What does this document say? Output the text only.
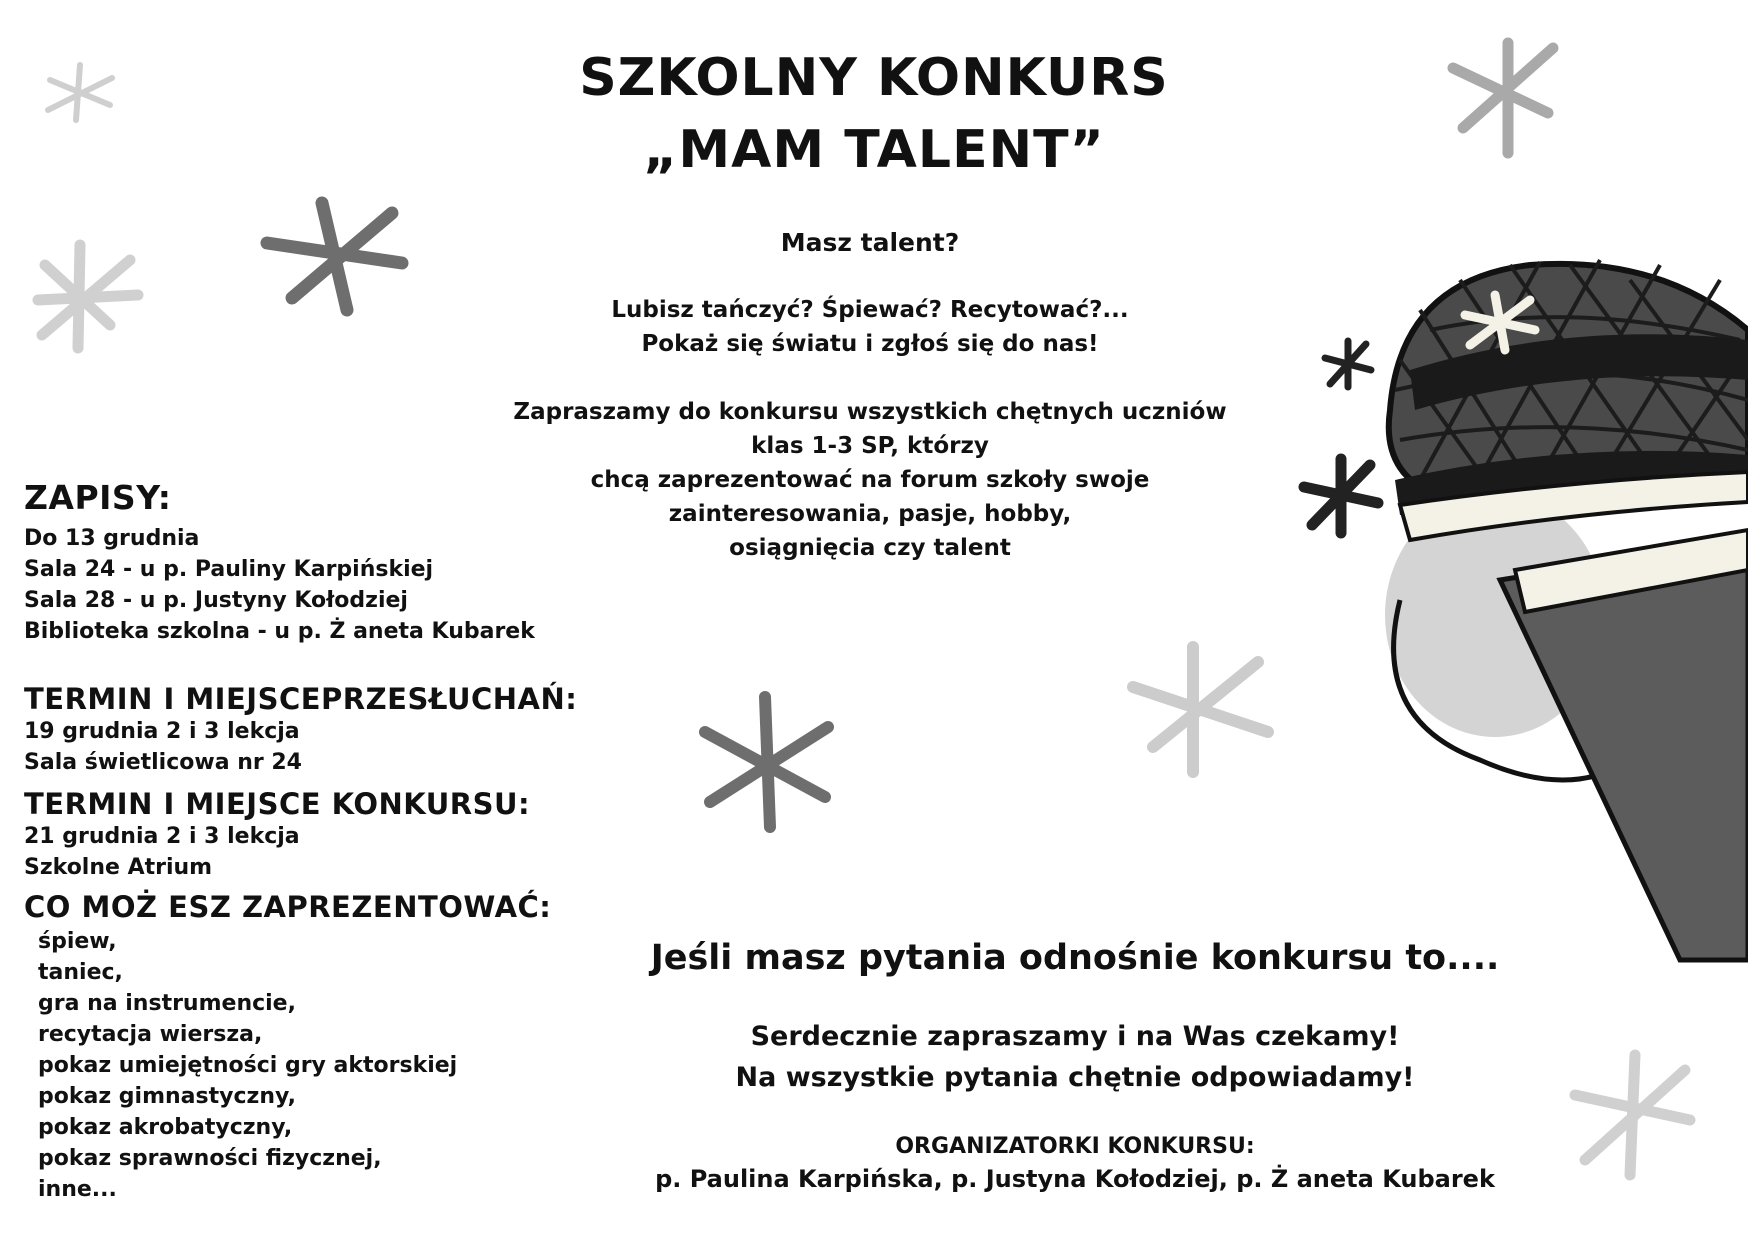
SZKOLNY KONKURS
„MAM TALENT”
Masz talent?
Lubisz tańczyć? Śpiewać? Recytować?...
Pokaż się światu i zgłoś się do nas!
Zapraszamy do konkursu wszystkich chętnych uczniów
klas 1-3 SP, którzy
chcą zaprezentować na forum szkoły swoje
zainteresowania, pasje, hobby,
osiągnięcia czy talent

ZAPISY:

Do 13 grudnia

Sala 24 - u p. Pauliny Karpińskiej

Sala 28 - u p. Justyny Kołodziej

Biblioteka szkolna - u p. Ż aneta Kubarek

TERMIN I MIEJSCEPRZESŁUCHAŃ:

19 grudnia 2 i 3 lekcja

Sala świetlicowa nr 24

TERMIN I MIEJSCE KONKURSU:

21 grudnia 2 i 3 lekcja

Szkolne Atrium

CO MOŻ ESZ ZAPREZENTOWAĆ:

śpiew,

taniec,

gra na instrumencie,

recytacja wiersza,

pokaz umiejętności gry aktorskiej

pokaz gimnastyczny,

pokaz akrobatyczny,

pokaz sprawności fizycznej,

inne...

Jeśli masz pytania odnośnie konkursu to....
Serdecznie zapraszamy i na Was czekamy!
Na wszystkie pytania chętnie odpowiadamy!
ORGANIZATORKI KONKURSU:
p. Paulina Karpińska, p. Justyna Kołodziej, p. Ż aneta Kubarek
